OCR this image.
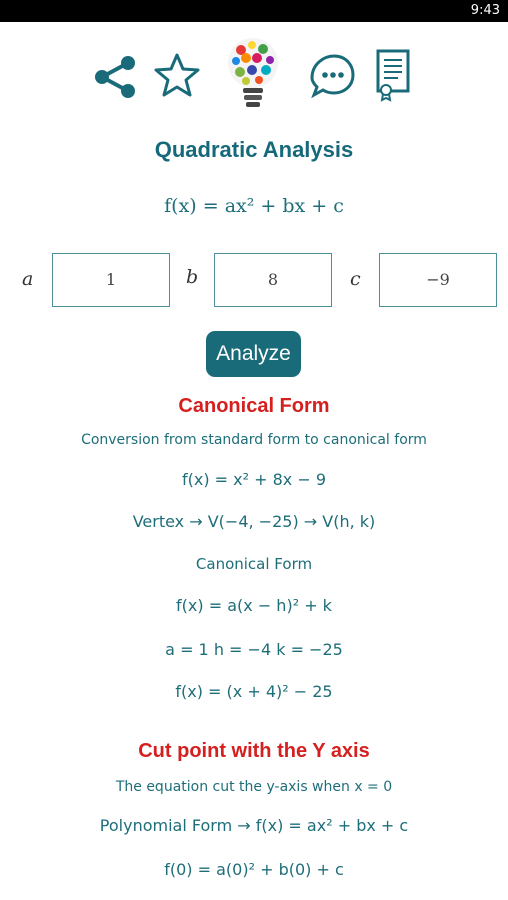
9:43
Quadratic Analysis
f(x) = ax² + bx + c
a	1	b	8	c	−9
Analyze
Canonical Form
Conversion from standard form to canonical form
f(x) = x² + 8x − 9
Vertex → V(−4, −25) → V(h, k)
Canonical Form
f(x) = a(x − h)² + k
a = 1 h = −4 k = −25
f(x) = (x + 4)² − 25
Cut point with the Y axis
The equation cut the y-axis when x = 0
Polynomial Form → f(x) = ax² + bx + c
f(0) = a(0)² + b(0) + c
